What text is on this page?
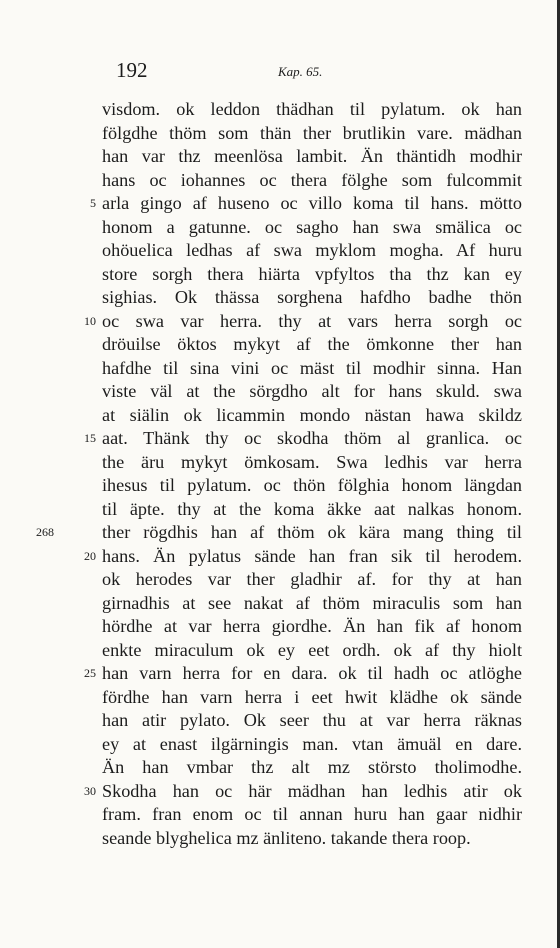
192	Kap. 65.
visdom. ok leddon thädhan til pylatum. ok han
fölgdhe thöm som thän ther brutlikin vare. mädhan
han var thz meenlösa lambit. Än thäntidh modhir
hans oc iohannes oc thera fölghe som fulcommit
arla gingo af huseno oc villo koma til hans. mötto
5
honom a gatunne. oc sagho han swa smälica oc
ohöuelica ledhas af swa myklom mogha. Af huru
store sorgh thera hiärta vpfyltos tha thz kan ey
sighias. Ok thässa sorghena hafdho badhe thön
oc swa var herra. thy at vars herra sorgh oc
10
dröuilse öktos mykyt af the ömkonne ther han
hafdhe til sina vini oc mäst til modhir sinna. Han
viste väl at the sörgdho alt for hans skuld. swa
at siälin ok licammin mondo nästan hawa skildz
aat. Thänk thy oc skodha thöm al granlica. oc
15
the äru mykyt ömkosam. Swa ledhis var herra
ihesus til pylatum. oc thön fölghia honom längdan
til äpte. thy at the koma äkke aat nalkas honom.
ther rögdhis han af thöm ok kära mang thing til
268
hans. Än pylatus sände han fran sik til herodem.
20
ok herodes var ther gladhir af. for thy at han
girnadhis at see nakat af thöm miraculis som han
hördhe at var herra giordhe. Än han fik af honom
enkte miraculum ok ey eet ordh. ok af thy hiolt
han varn herra for en dara. ok til hadh oc atlöghe
25
fördhe han varn herra i eet hwit klädhe ok sände
han atir pylato. Ok seer thu at var herra räknas
ey at enast ilgärningis man. vtan ämuäl en dare.
Än han vmbar thz alt mz störsto tholimodhe.
Skodha han oc här mädhan han ledhis atir ok
30
fram. fran enom oc til annan huru han gaar nidhir
seande blyghelica mz änliteno. takande thera roop.
